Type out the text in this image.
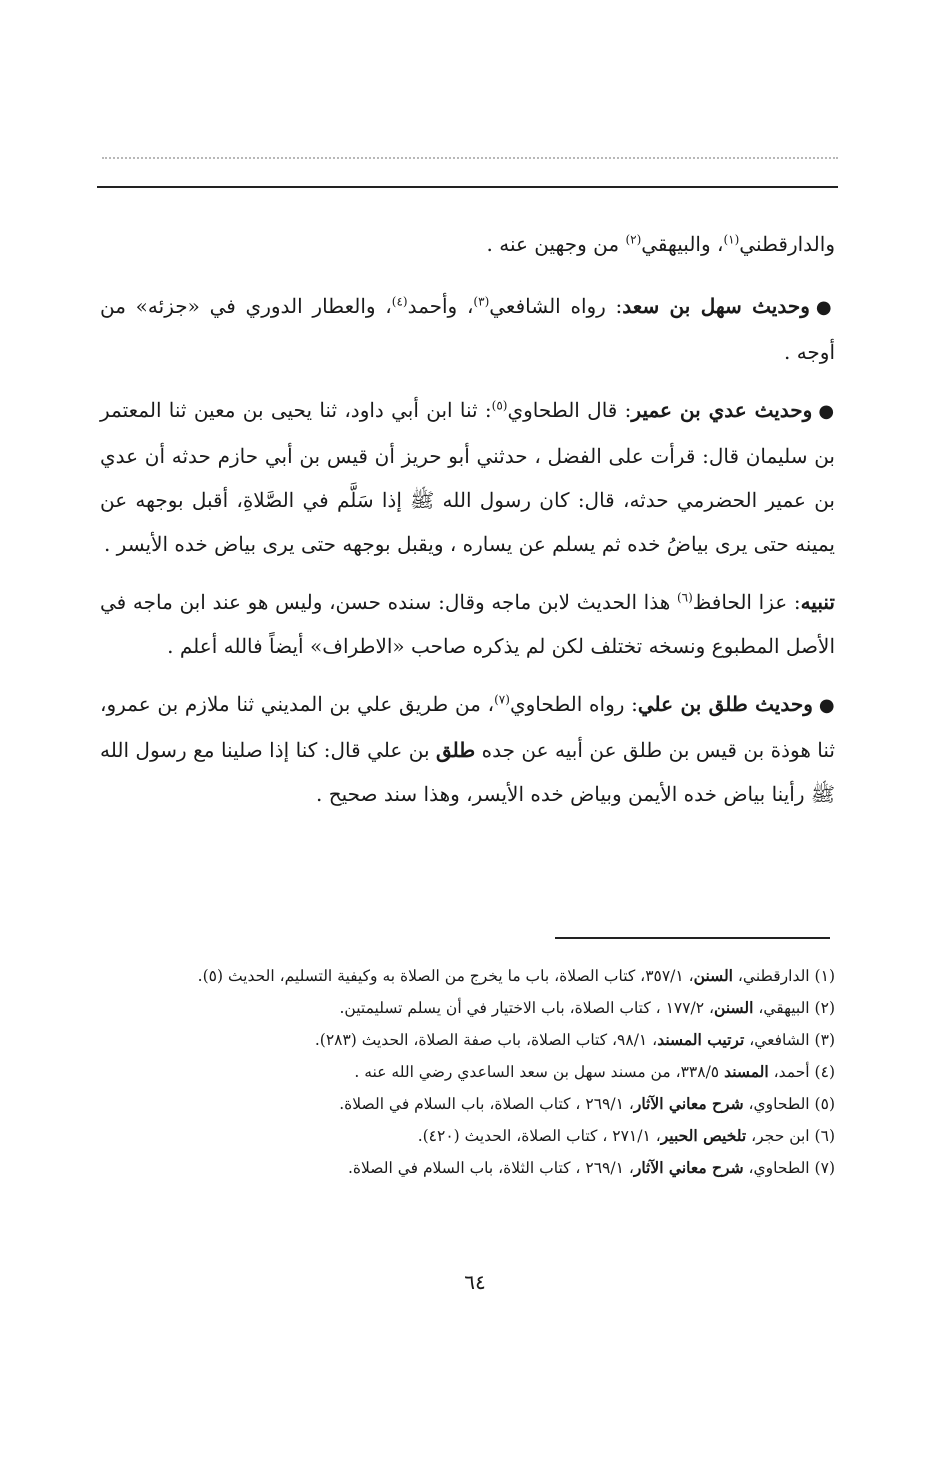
والدارقطني$^{(١)}$، والبيهقي$^{(٢)}$ من وجهين عنه .

●وحديث سهل بن سعد: رواه الشافعي$^{(٣)}$، وأحمد$^{(٤)}$، والعطار الدوري في «جزئه» من أوجه .

●وحديث عدي بن عمير: قال الطحاوي$^{(٥)}$: ثنا ابن أبي داود، ثنا يحيى بن معين ثنا المعتمر بن سليمان قال: قرأت على الفضل ، حدثني أبو حريز أن قيس بن أبي حازم حدثه أن عدي بن عمير الحضرمي حدثه، قال: كان رسول الله ﷺ إذا سَلَّم في الصَّلاةِ، أقبل بوجهه عن يمينه حتى يرى بياضُ خده ثم يسلم عن يساره ، ويقبل بوجهه حتى يرى بياض خده الأيسر .

تنبيه: عزا الحافظ$^{(٦)}$ هذا الحديث لابن ماجه وقال: سنده حسن، وليس هو عند ابن ماجه في الأصل المطبوع ونسخه تختلف لكن لم يذكره صاحب «الاطراف» أيضاً فالله أعلم .

●وحديث طلق بن علي: رواه الطحاوي$^{(٧)}$، من طريق علي بن المديني ثنا ملازم بن عمرو، ثنا هوذة بن قيس بن طلق عن أبيه عن جده طلق بن علي قال: كنا إذا صلينا مع رسول الله ﷺ رأينا بياض خده الأيمن وبياض خده الأيسر، وهذا سند صحيح .

(١) الدارقطني، السنن، ٣٥٧/١، كتاب الصلاة، باب ما يخرج من الصلاة به وكيفية التسليم، الحديث (٥).

(٢) البيهقي، السنن، ١٧٧/٢ ، كتاب الصلاة، باب الاختيار في أن يسلم تسليمتين.

(٣) الشافعي، ترتيب المسند، ٩٨/١، كتاب الصلاة، باب صفة الصلاة، الحديث (٢٨٣).

(٤) أحمد، المسند ٣٣٨/٥، من مسند سهل بن سعد الساعدي رضي الله عنه .

(٥) الطحاوي، شرح معاني الآثار، ٢٦٩/١ ، كتاب الصلاة، باب السلام في الصلاة.

(٦) ابن حجر، تلخيص الحبير، ٢٧١/١ ، كتاب الصلاة، الحديث (٤٢٠).

(٧) الطحاوي، شرح معاني الآثار، ٢٦٩/١ ، كتاب الثلاة، باب السلام في الصلاة.

٦٤
